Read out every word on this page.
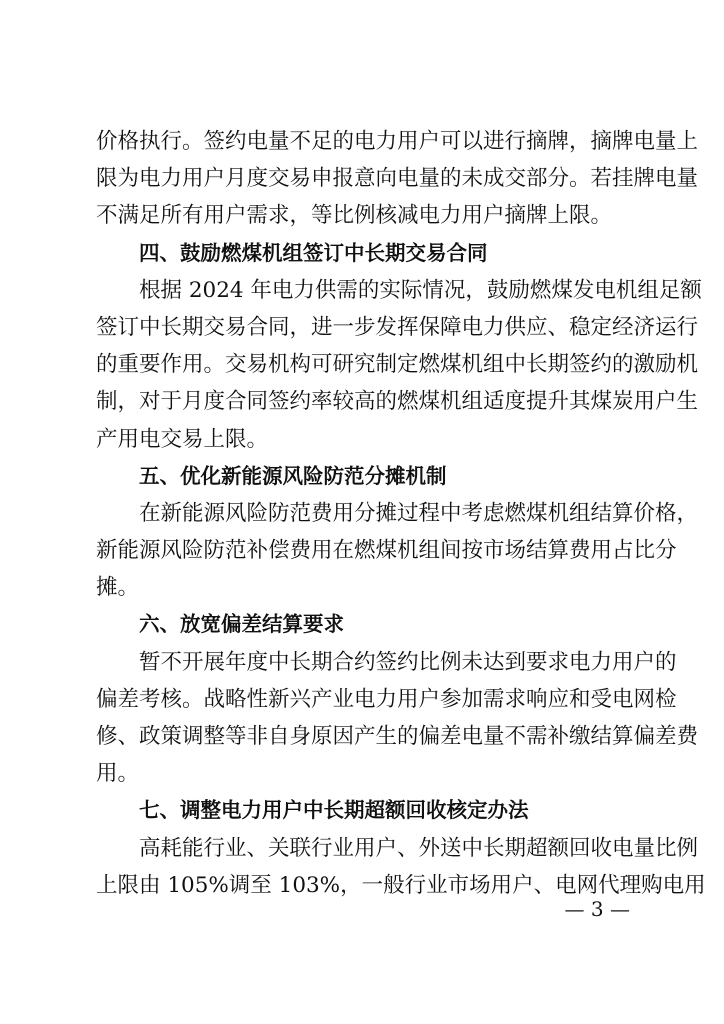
价格执行。签约电量不足的电力用户可以进行摘牌，摘牌电量上
限为电力用户月度交易申报意向电量的未成交部分。若挂牌电量
不满足所有用户需求，等比例核减电力用户摘牌上限。
四、鼓励燃煤机组签订中长期交易合同
根据 2024 年电力供需的实际情况，鼓励燃煤发电机组足额
签订中长期交易合同，进一步发挥保障电力供应、稳定经济运行
的重要作用。交易机构可研究制定燃煤机组中长期签约的激励机
制，对于月度合同签约率较高的燃煤机组适度提升其煤炭用户生
产用电交易上限。
五、优化新能源风险防范分摊机制
在新能源风险防范费用分摊过程中考虑燃煤机组结算价格，
新能源风险防范补偿费用在燃煤机组间按市场结算费用占比分
摊。
六、放宽偏差结算要求
暂不开展年度中长期合约签约比例未达到要求电力用户的
偏差考核。战略性新兴产业电力用户参加需求响应和受电网检
修、政策调整等非自身原因产生的偏差电量不需补缴结算偏差费
用。
七、调整电力用户中长期超额回收核定办法
高耗能行业、关联行业用户、外送中长期超额回收电量比例
上限由 105%调至 103%，一般行业市场用户、电网代理购电用
— 3 —
